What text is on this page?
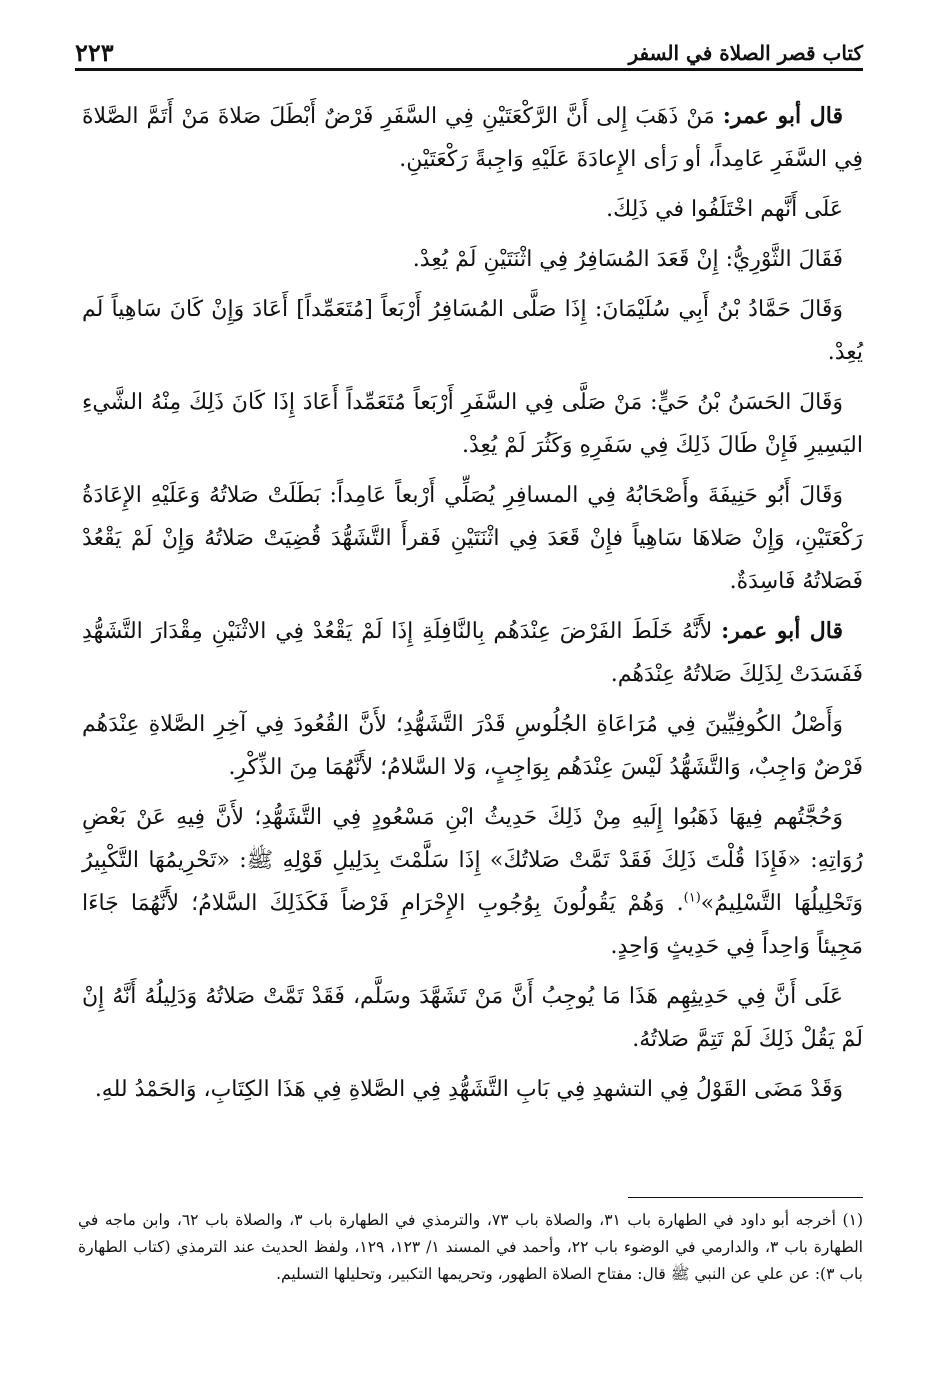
كتاب قصر الصلاة في السفر
٢٢٣

قال أبو عمر: مَنْ ذَهَبَ إِلى أَنَّ الرَّكْعَتَيْنِ فِي السَّفَرِ فَرْضٌ أَبْطَلَ صَلاةَ مَنْ أَتَمَّ الصَّلاةَ فِي السَّفَرِ عَامِداً، أو رَأى الإِعادَةَ عَلَيْهِ وَاجِبةً رَكْعَتَيْنِ.

عَلَى أَنَّهم اخْتَلَفُوا في ذَلِكَ.

فَقَالَ الثَّوْرِيُّ: إِنْ قَعَدَ المُسَافِرُ فِي اثْنَتَيْنِ لَمْ يُعِدْ.

وَقَالَ حَمَّادُ بْنُ أَبِي سُلَيْمَانَ: إِذَا صَلَّى المُسَافِرُ أَرْبَعاً [مُتَعَمِّداً] أَعَادَ وَإِنْ كَانَ سَاهِياً لَم يُعِدْ.

وَقَالَ الحَسَنُ بْنُ حَيٍّ: مَنْ صَلَّى فِي السَّفَرِ أَرْبَعاً مُتَعَمِّداً أَعَادَ إِذَا كَانَ ذَلِكَ مِنْهُ الشَّيءِ اليَسِيرِ فَإِنْ طَالَ ذَلِكَ فِي سَفَرِهِ وَكَثُرَ لَمْ يُعِدْ.

وَقَالَ أَبُو حَنِيفَةَ وأَصْحَابُهُ فِي المسافِرِ يُصَلِّي أَرْبعاً عَامِداً: بَطَلَتْ صَلاتُهُ وَعَلَيْهِ الإِعَادَةُ رَكْعَتَيْنِ، وَإِنْ صَلاهَا سَاهِياً فإِنْ قَعَدَ فِي اثْنَتَيْنِ فَقرأَ التَّشَهُّدَ قُضِيَتْ صَلاتُهُ وَإِنْ لَمْ يَقْعُدْ فَصَلاتُهُ فَاسِدَةٌ.

قال أبو عمر: لأَنَّهُ خَلَطَ الفَرْضَ عِنْدَهُم بِالنَّافِلَةِ إِذَا لَمْ يَقْعُدْ فِي الاثْنَيْنِ مِقْدَارَ التَّشَهُّدِ فَفَسَدَتْ لِذَلِكَ صَلاتُهُ عِنْدَهُم.

وَأَصْلُ الكُوفِيِّينَ فِي مُرَاعَاةِ الجُلُوسِ قَدْرَ التَّشَهُّدِ؛ لأَنَّ القُعُودَ فِي آخِرِ الصَّلاةِ عِنْدَهُم فَرْضٌ وَاجِبٌ، وَالتَّشَهُّدُ لَيْسَ عِنْدَهُم بِوَاجِبٍ، وَلا السَّلامُ؛ لأَنَّهُمَا مِنَ الذِّكْرِ.

وَحُجَّتُهم فِيهَا ذَهَبُوا إِلَيهِ مِنْ ذَلِكَ حَدِيثُ ابْنِ مَسْعُودٍ فِي التَّشَهُّدِ؛ لأَنَّ فِيهِ عَنْ بَعْضِ رُوَاتِهِ: «فَإِذَا قُلْتَ ذَلِكَ فَقَدْ تَمَّتْ صَلاتُكَ» إِذَا سَلَّمْتَ بِدَلِيلِ قَوْلِهِ ﷺ: «تَحْرِيمُهَا التَّكْبِيرُ وَتَحْلِيلُهَا التَّسْلِيمُ»$^{(١)}$. وَهُمْ يَقُولُونَ بِوُجُوبِ الإِحْرَامِ فَرْضاً فَكَذَلِكَ السَّلامُ؛ لأَنَّهُمَا جَاءَا مَجِيئاً وَاحِداً فِي حَدِيثٍ وَاحِدٍ.

عَلَى أَنَّ فِي حَدِيثِهِم هَذَا مَا يُوجِبُ أَنَّ مَنْ تَشَهَّدَ وسَلَّم، فَقَدْ تَمَّتْ صَلاتُهُ وَدَلِيلُهُ أَنَّهُ إِنْ لَمْ يَقُلْ ذَلِكَ لَمْ تَتِمَّ صَلاتُهُ.

وَقَدْ مَضَى القَوْلُ فِي التشهدِ فِي بَابِ التَّشَهُّدِ فِي الصَّلاةِ فِي هَذَا الكِتَابِ، وَالحَمْدُ للهِ.

(١) أخرجه أبو داود في الطهارة باب ٣١، والصلاة باب ٧٣، والترمذي في الطهارة باب ٣، والصلاة باب ٦٢، وابن ماجه في الطهارة باب ٣، والدارمي في الوضوء باب ٢٢، وأحمد في المسند ١/ ١٢٣، ١٢٩، ولفظ الحديث عند الترمذي (كتاب الطهارة باب ٣): عن علي عن النبي ﷺ قال: مفتاح الصلاة الطهور، وتحريمها التكبير، وتحليلها التسليم.
